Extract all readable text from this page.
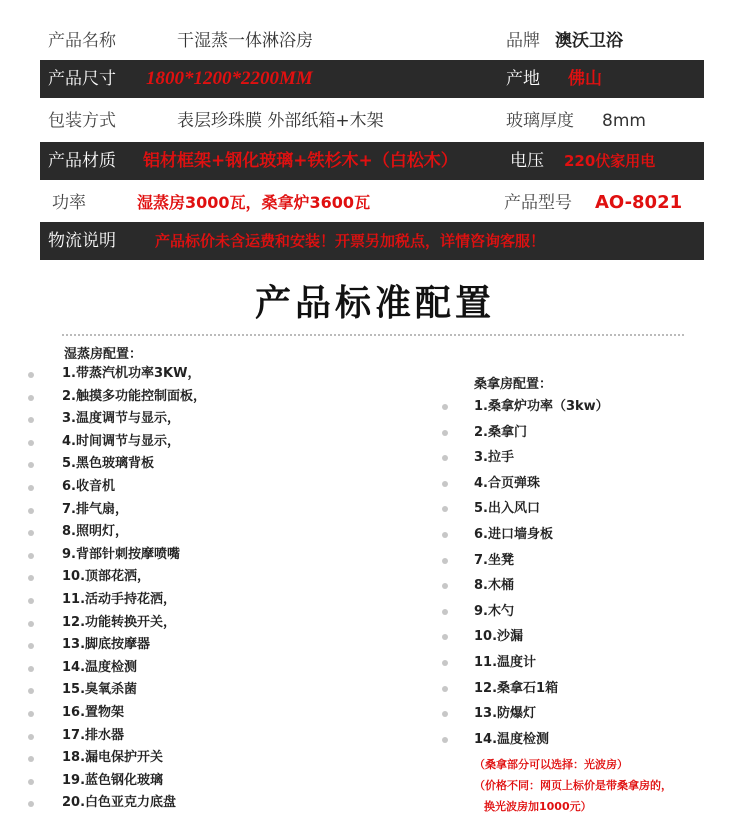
产品名称	干湿蒸一体淋浴房	品牌 澳沃卫浴
产品尺寸 1800*1200*2200MM	产地 佛山
包装方式	表层珍珠膜 外部纸箱+木架	玻璃厚度 8mm
产品材质 铝材框架+钢化玻璃+铁杉木+（白松木）	电压 220伏家用电
功率	湿蒸房3000瓦，桑拿炉3600瓦	产品型号 AO-8021
物流说明	产品标价未含运费和安装！开票另加税点，详情咨询客服！
产品标准配置
湿蒸房配置：
1.带蒸汽机功率3KW，
2.触摸多功能控制面板，
3.温度调节与显示，
4.时间调节与显示，
5.黑色玻璃背板
6.收音机
7.排气扇，
8.照明灯，
9.背部针刺按摩喷嘴
10.顶部花洒，
11.活动手持花洒，
12.功能转换开关，
13.脚底按摩器
14.温度检测
15.臭氧杀菌
16.置物架
17.排水器
18.漏电保护开关
19.蓝色钢化玻璃
20.白色亚克力底盘
桑拿房配置：
1.桑拿炉功率（3kw）
2.桑拿门
3.拉手
4.合页弹珠
5.出入风口
6.进口墙身板
7.坐凳
8.木桶
9.木勺
10.沙漏
11.温度计
12.桑拿石1箱
13.防爆灯
14.温度检测
（桑拿部分可以选择：光波房）
（价格不同：网页上标价是带桑拿房的，
换光波房加1000元）
